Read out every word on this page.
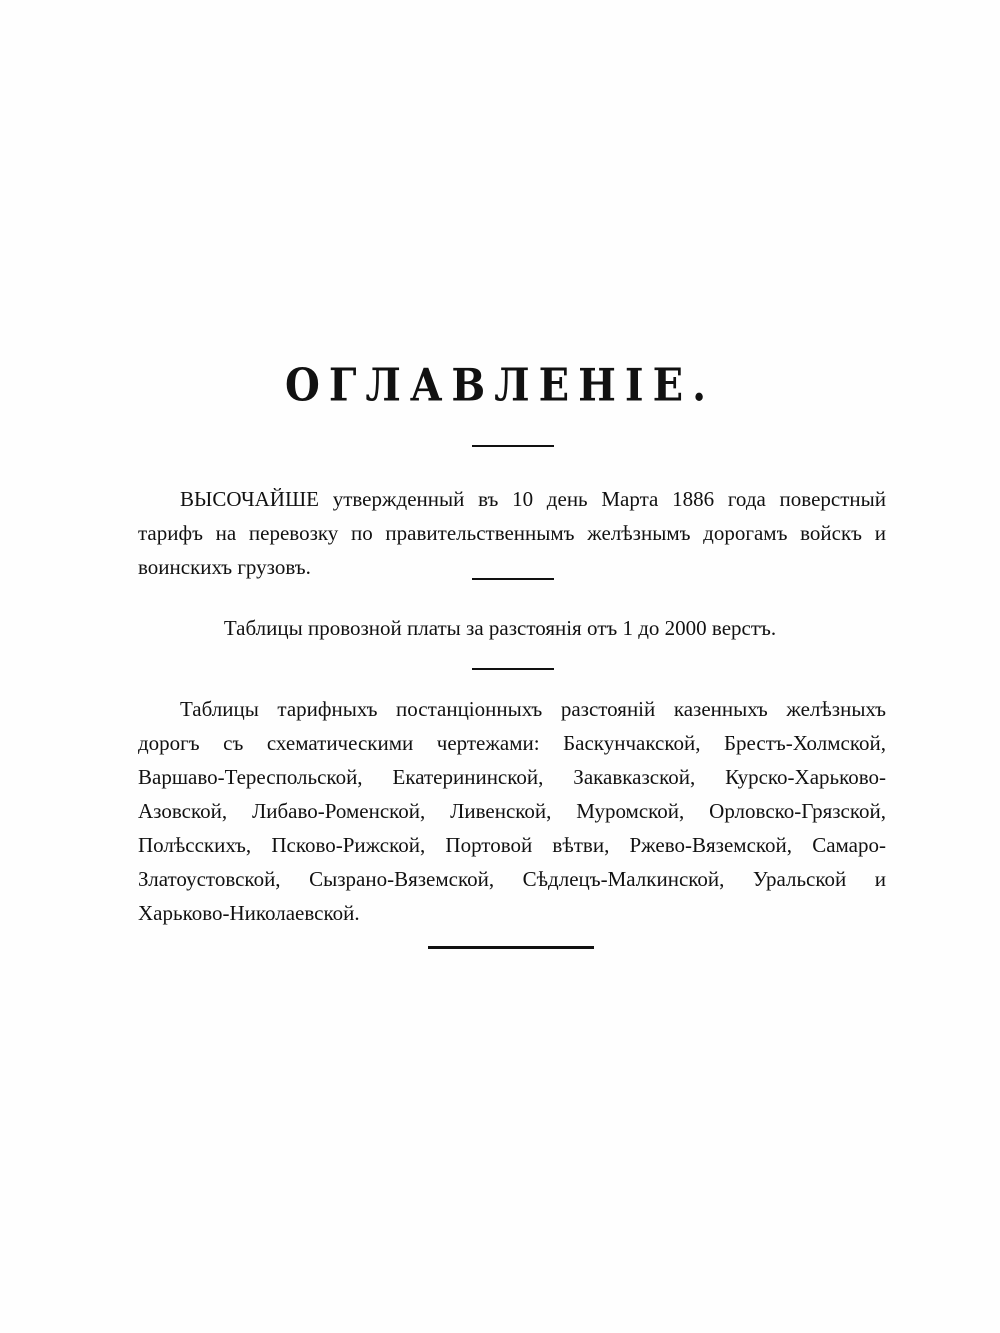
ОГЛАВЛЕНІЕ.
ВЫСОЧАЙШЕ утвержденный въ 10 день Марта 1886 года поверстный тарифъ на перевозку по правительственнымъ желѣзнымъ дорогамъ войскъ и воинскихъ грузовъ.
Таблицы провозной платы за разстоянія отъ 1 до 2000 верстъ.
Таблицы тарифныхъ постанціонныхъ разстояній казенныхъ желѣзныхъ дорогъ съ схематическими чертежами: Баскунчакской, Брестъ-Холмской, Варшаво-Тереспольской, Екатерининской, Закавказской, Курско-Харьково-Азовской, Либаво-Роменской, Ливенской, Муромской, Орловско-Грязской, Полѣсскихъ, Псково-Рижской, Портовой вѣтви, Ржево-Вяземской, Самаро-Златоустовской, Сызрано-Вяземской, Сѣдлецъ-Малкинской, Уральской и Харьково-Николаевской.
